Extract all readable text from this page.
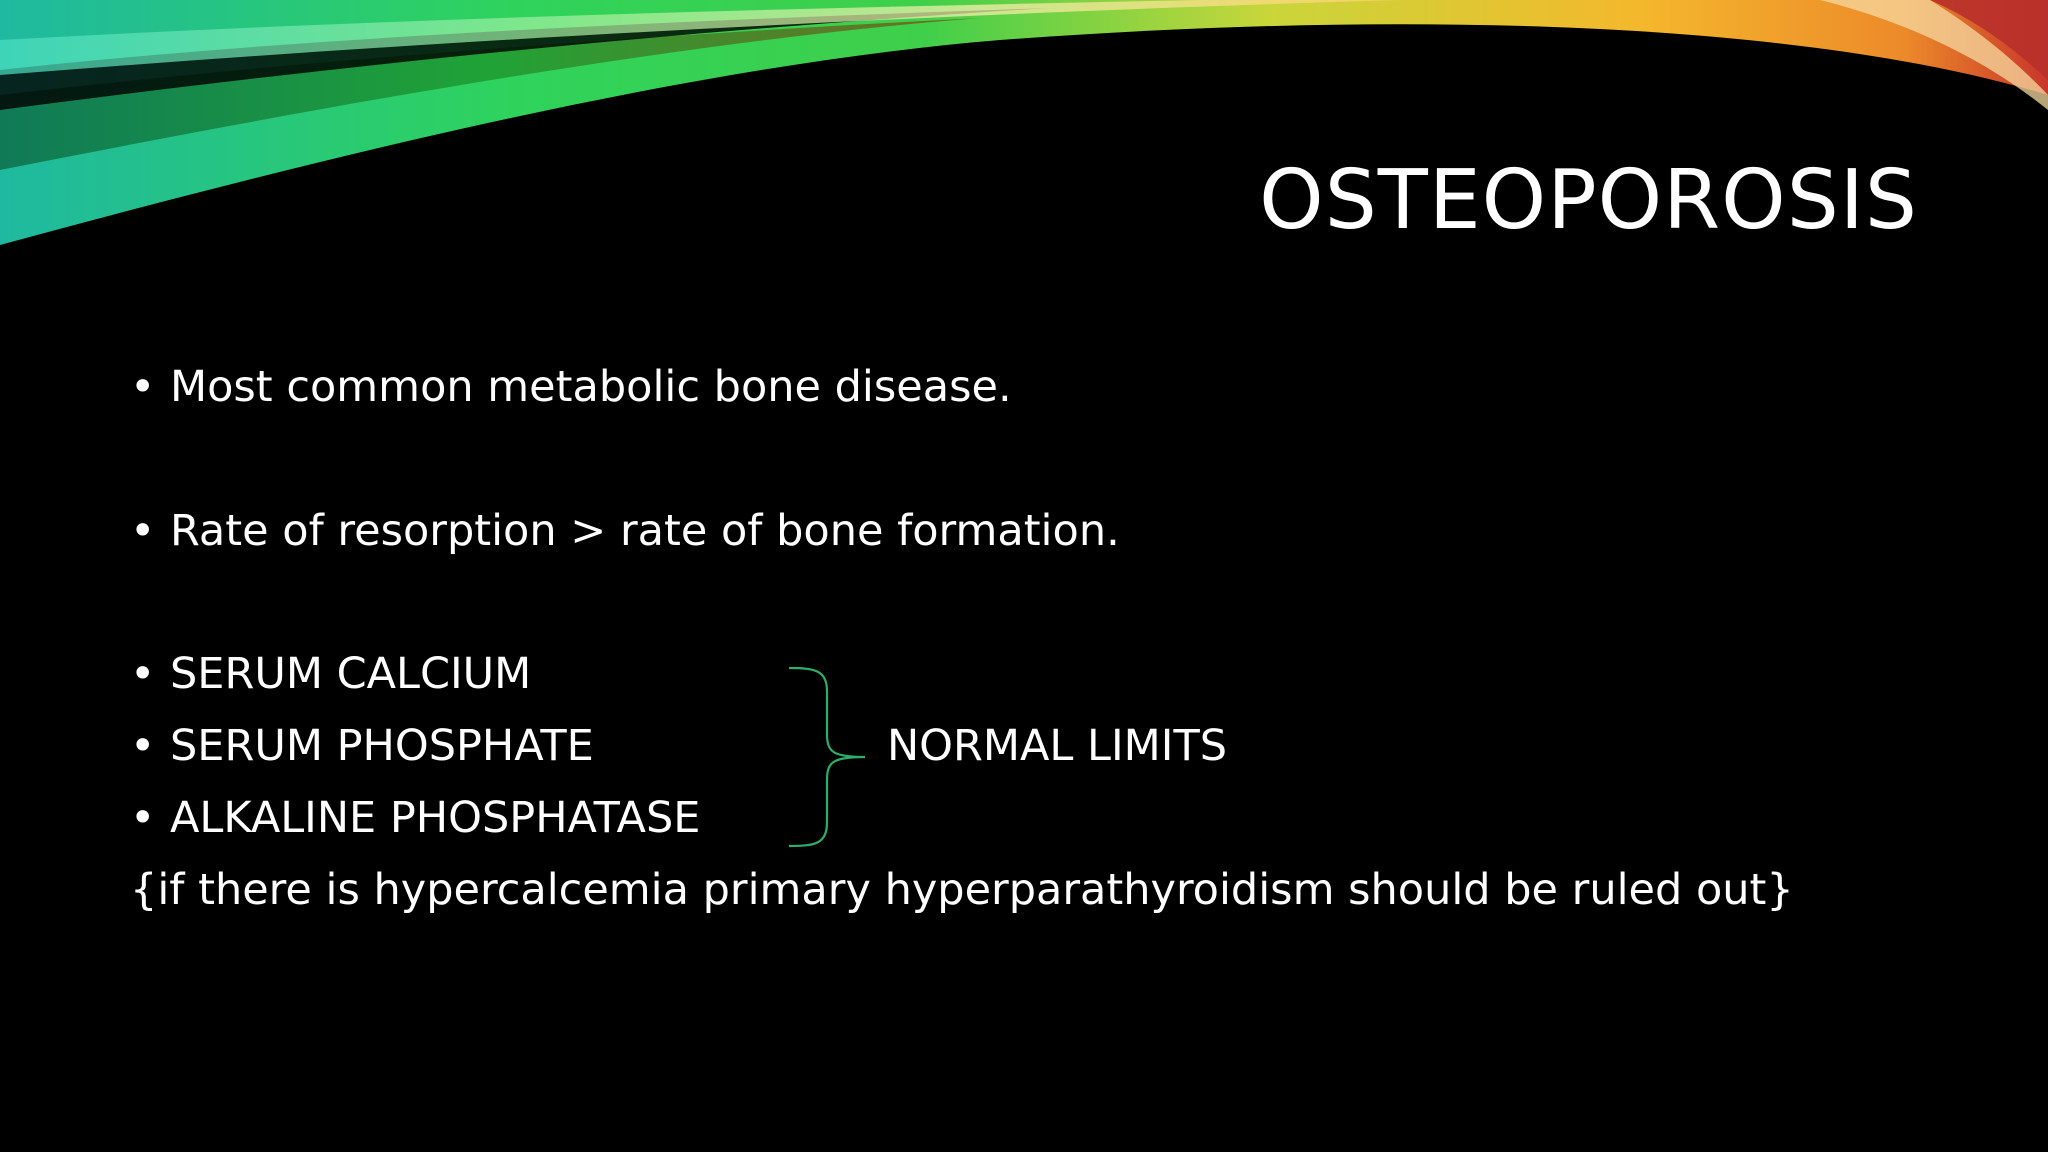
OSTEOPOROSIS
• Most common metabolic bone disease.
• Rate of resorption > rate of bone formation.
• SERUM CALCIUM
• SERUM PHOSPHATE
• ALKALINE PHOSPHATASE
NORMAL LIMITS
{if there is hypercalcemia primary hyperparathyroidism should be ruled out}
